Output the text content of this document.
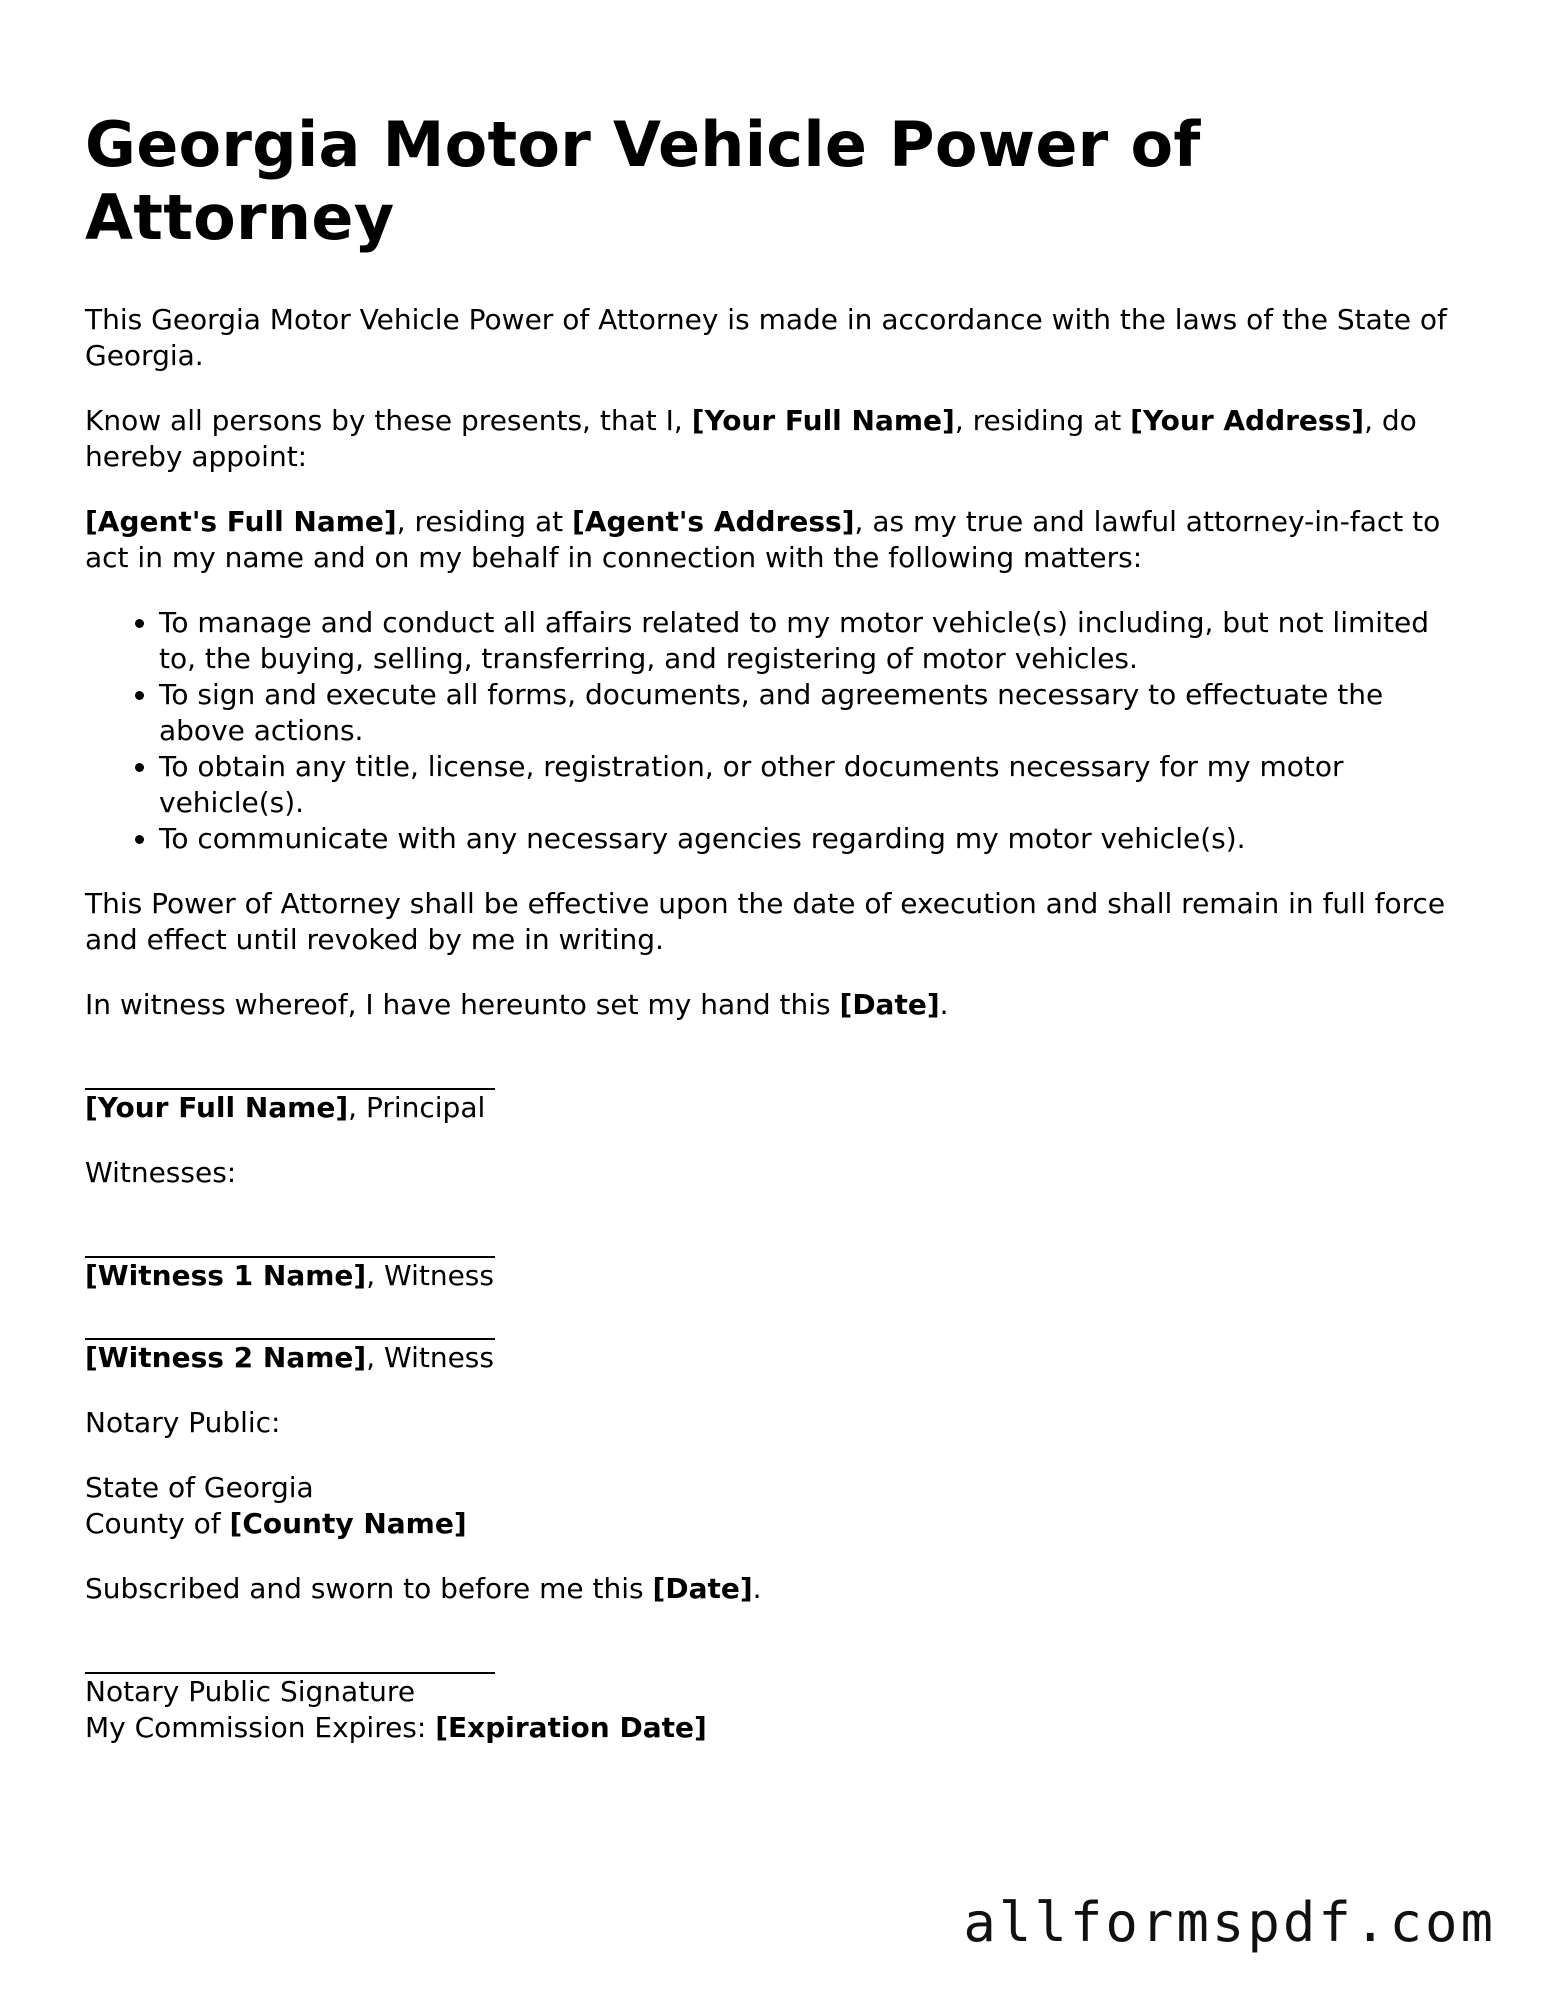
Georgia Motor Vehicle Power of Attorney

This Georgia Motor Vehicle Power of Attorney is made in accordance with the laws of the State of Georgia.

Know all persons by these presents, that I, [Your Full Name], residing at [Your Address], do hereby appoint:

[Agent's Full Name], residing at [Agent's Address], as my true and lawful attorney-in-fact to act in my name and on my behalf in connection with the following matters:

• To manage and conduct all affairs related to my motor vehicle(s) including, but not limited to, the buying, selling, transferring, and registering of motor vehicles.
• To sign and execute all forms, documents, and agreements necessary to effectuate the above actions.
• To obtain any title, license, registration, or other documents necessary for my motor vehicle(s).
• To communicate with any necessary agencies regarding my motor vehicle(s).

This Power of Attorney shall be effective upon the date of execution and shall remain in full force and effect until revoked by me in writing.

In witness whereof, I have hereunto set my hand this [Date].

[Your Full Name], Principal

Witnesses:

[Witness 1 Name], Witness
[Witness 2 Name], Witness

Notary Public:

State of Georgia
County of [County Name]

Subscribed and sworn to before me this [Date].

Notary Public Signature
My Commission Expires: [Expiration Date]
allformspdf.com
